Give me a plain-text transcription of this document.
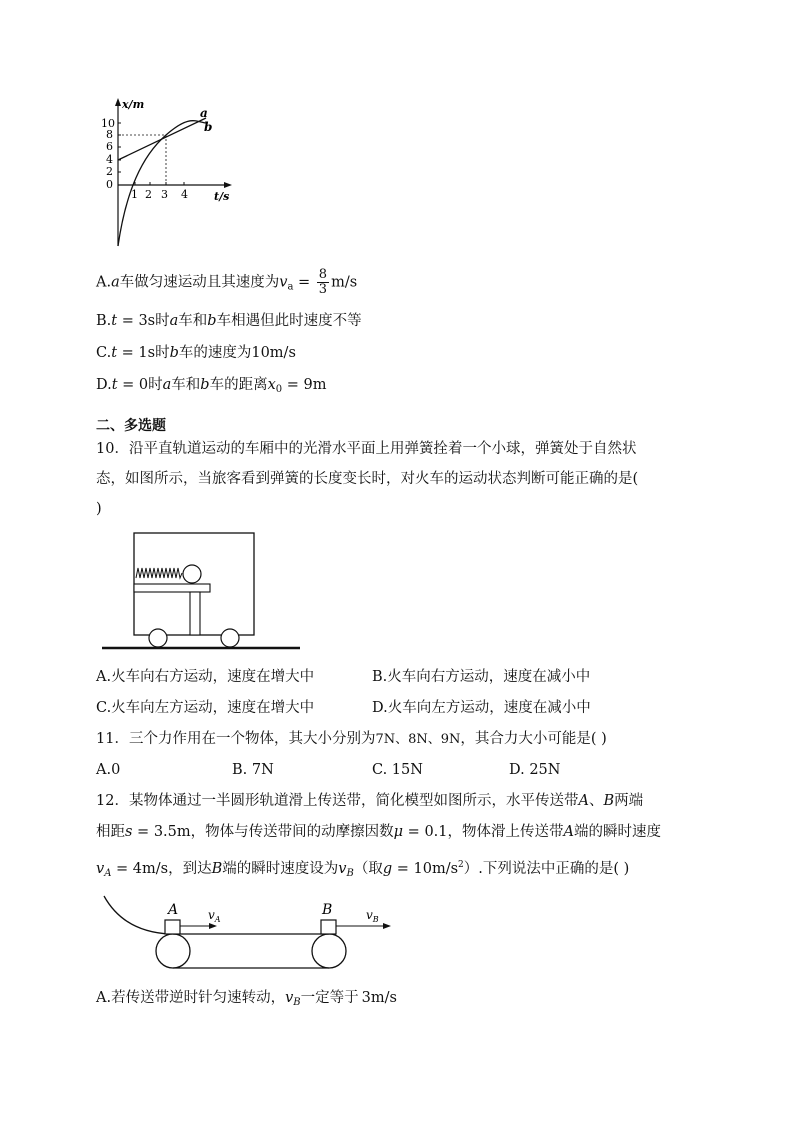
x/m
t/s
10
8
6
4
2
0
1 2 3 4
a
b
A.a车做匀速运动且其速度为$v_a = \frac{8}{3} m/s$
B.t = 3s时a车和b车相遇但此时速度不等
C.t = 1s时b车的速度为10m/s
D.t = 0时a车和b车的距离$x_0 = 9m$
二、多选题
10．沿平直轨道运动的车厢中的光滑水平面上用弹簧拴着一个小球，弹簧处于自然状
态，如图所示，当旅客看到弹簧的长度变长时，对火车的运动状态判断可能正确的是(
)
A.火车向右方运动，速度在增大中	B.火车向右方运动，速度在减小中
C.火车向左方运动，速度在增大中	D.火车向左方运动，速度在减小中
11．三个力作用在一个物体，其大小分别为7N、8N、9N，其合力大小可能是( )
A.0	B. 7N	C. 15N	D. 25N
12．某物体通过一半圆形轨道滑上传送带，简化模型如图所示，水平传送带A、B两端
相距s = 3.5m，物体与传送带间的动摩擦因数μ = 0.1，物体滑上传送带A端的瞬时速度
$v_A = 4m/s$，到达B端的瞬时速度设为$v_B$（取$g = 10m/s^2$）.下列说法中正确的是( )
A	B
$v_A$	$v_B$
A.若传送带逆时针匀速转动，$v_B$一定等于 3m/s
